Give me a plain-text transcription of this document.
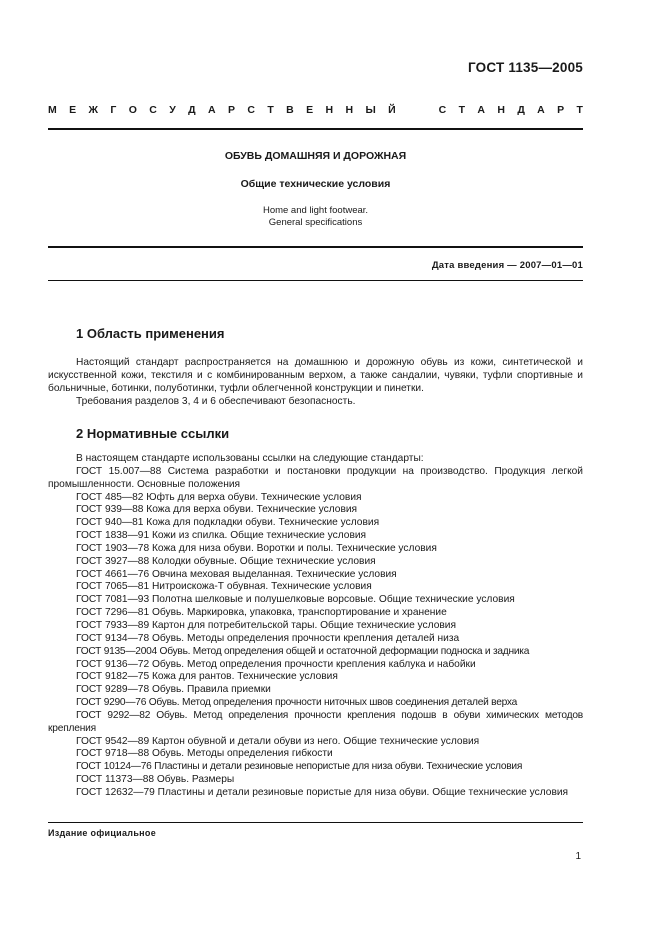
ГОСТ 1135—2005
М Е Ж Г О С У Д А Р С Т В Е Н Н Ы Й

	С Т А Н Д А Р Т
ОБУВЬ ДОМАШНЯЯ И ДОРОЖНАЯ
Общие технические условия
Home and light footwear.
General specifications
Дата введения — 2007—01—01
1 Область применения

Настоящий стандарт распространяется на домашнюю и дорожную обувь из кожи, синтетической и искусственной кожи, текстиля и с комбинированным верхом, а также сандалии, чувяки, туфли спортивные и больничные, ботинки, полуботинки, туфли облегченной конструкции и пинетки.

Требования разделов 3, 4 и 6 обеспечивают безопасность.

2 Нормативные ссылки

В настоящем стандарте использованы ссылки на следующие стандарты:

ГОСТ 15.007—88 Система разработки и постановки продукции на производство. Продукция легкой промышленности. Основные положения

ГОСТ 485—82 Юфть для верха обуви. Технические условия

ГОСТ 939—88 Кожа для верха обуви. Технические условия

ГОСТ 940—81 Кожа для подкладки обуви. Технические условия

ГОСТ 1838—91 Кожи из спилка. Общие технические условия

ГОСТ 1903—78 Кожа для низа обуви. Воротки и полы. Технические условия

ГОСТ 3927—88 Колодки обувные. Общие технические условия

ГОСТ 4661—76 Овчина меховая выделанная. Технические условия

ГОСТ 7065—81 Нитроискожа-Т обувная. Технические условия

ГОСТ 7081—93 Полотна шелковые и полушелковые ворсовые. Общие технические условия

ГОСТ 7296—81 Обувь. Маркировка, упаковка, транспортирование и хранение

ГОСТ 7933—89 Картон для потребительской тары. Общие технические условия

ГОСТ 9134—78 Обувь. Методы определения прочности крепления деталей низа

ГОСТ 9135—2004 Обувь. Метод определения общей и остаточной деформации подноска и задника

ГОСТ 9136—72 Обувь. Метод определения прочности крепления каблука и набойки

ГОСТ 9182—75 Кожа для рантов. Технические условия

ГОСТ 9289—78 Обувь. Правила приемки

ГОСТ 9290—76 Обувь. Метод определения прочности ниточных швов соединения деталей верха

ГОСТ 9292—82 Обувь. Метод определения прочности крепления подошв в обуви химических методов крепления

ГОСТ 9542—89 Картон обувной и детали обуви из него. Общие технические условия

ГОСТ 9718—88 Обувь. Методы определения гибкости

ГОСТ 10124—76 Пластины и детали резиновые непористые для низа обуви. Технические условия

ГОСТ 11373—88 Обувь. Размеры

ГОСТ 12632—79 Пластины и детали резиновые пористые для низа обуви. Общие технические условия

Издание официальное
1
